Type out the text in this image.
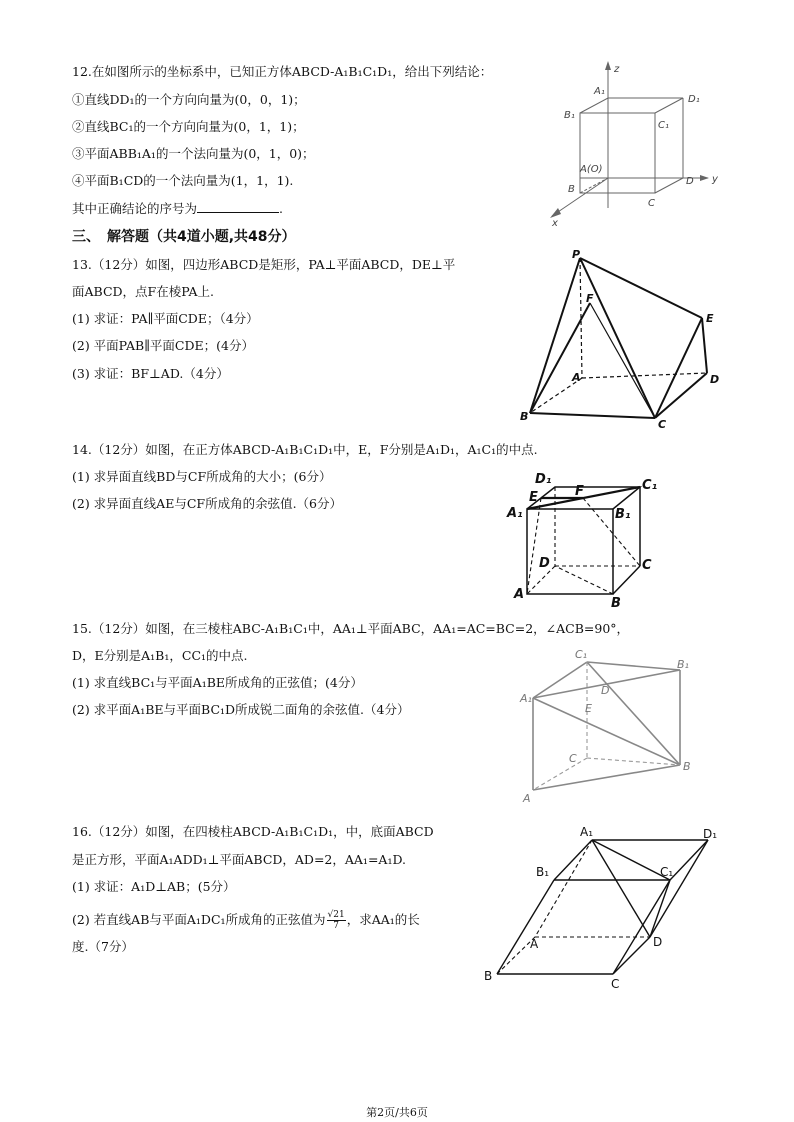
12.在如图所示的坐标系中，已知正方体ABCD-A₁B₁C₁D₁，给出下列结论：
①直线DD₁的一个方向向量为(0，0，1)；
②直线BC₁的一个方向向量为(0，1，1)；
③平面ABB₁A₁的一个法向量为(0，1，0)；
④平面B₁CD的一个法向量为(1，1，1).
其中正确结论的序号为	.
z
y
x
A₁
D₁
B₁
C₁
A(O)
D
B
C
三、　解答题（共4道小题,共48分）
13.（12分）如图，四边形ABCD是矩形，PA⊥平面ABCD，DE⊥平
面ABCD，点F在棱PA上.
(1) 求证：PA∥平面CDE；（4分）
(2) 平面PAB∥平面CDE；(4分）
(3) 求证：BF⊥AD.（4分）
P
F
E
A	D
B
C
14.（12分）如图，在正方体ABCD-A₁B₁C₁D₁中，E，F分别是A₁D₁，A₁C₁的中点.
(1) 求异面直线BD与CF所成角的大小；(6分）
(2) 求异面直线AE与CF所成角的余弦值.（6分）
D₁	C₁
E	F
A₁	B₁
D	C
A
B
15.（12分）如图，在三棱柱ABC-A₁B₁C₁中，AA₁⊥平面ABC，AA₁=AC=BC=2，∠ACB=90°，
D，E分别是A₁B₁，CC₁的中点.
(1) 求直线BC₁与平面A₁BE所成角的正弦值；(4分）
(2) 求平面A₁BE与平面BC₁D所成锐二面角的余弦值.（4分）
C₁
B₁
A₁
D
E
C
B
A
16.（12分）如图，在四棱柱ABCD-A₁B₁C₁D₁，中，底面ABCD
是正方形，平面A₁ADD₁⊥平面ABCD，AD=2，AA₁=A₁D.
(1) 求证：A₁D⊥AB；(5分）
(2) 若直线AB与平面A₁DC₁所成角的正弦值为 $\frac{√21}{7}$ ，求AA₁的长
度.（7分）
A₁	D₁
B₁	C₁
A	D
B
C
第2页/共6页
